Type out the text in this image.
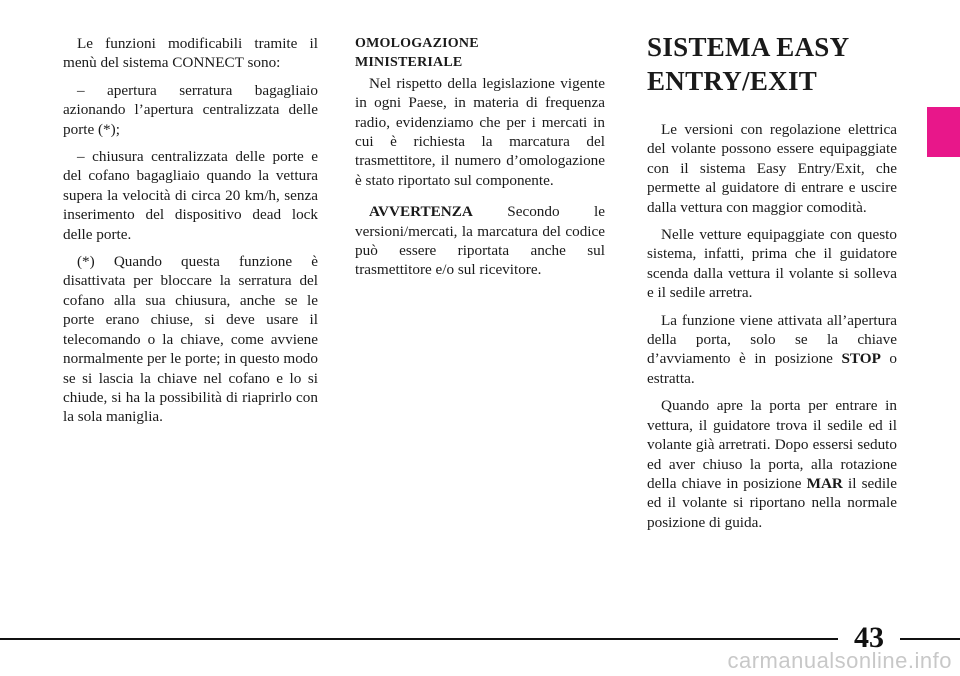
Le funzioni modificabili tramite il menù del sistema CONNECT sono:

– apertura serratura bagagliaio azionando l’apertura centralizzata delle porte (*);

– chiusura centralizzata delle porte e del cofano bagagliaio quando la vettura supera la velocità di circa 20 km/h, senza inserimento del dispositivo dead lock delle porte.

(*) Quando questa funzione è disattivata per bloccare la serratura del cofano alla sua chiusura, anche se le porte erano chiuse, si deve usare il telecomando o la chiave, come avviene normalmente per le porte; in questo modo se si lascia la chiave nel cofano e lo si chiude, si ha la possibilità di riaprirlo con la sola maniglia.

OMOLOGAZIONE
MINISTERIALE

Nel rispetto della legislazione vigente in ogni Paese, in materia di frequenza radio, evidenziamo che per i mercati in cui è richiesta la marcatura del trasmettitore, il numero d’omologazione è stato riportato sul componente.

AVVERTENZA Secondo le versioni/mercati, la marcatura del codice può essere riportata anche sul trasmettitore e/o sul ricevitore.

SISTEMA EASY
ENTRY/EXIT

Le versioni con regolazione elettrica del volante possono essere equipaggiate con il sistema Easy Entry/Exit, che permette al guidatore di entrare e uscire dalla vettura con maggior comodità.

Nelle vetture equipaggiate con questo sistema, infatti, prima che il guidatore scenda dalla vettura il volante si solleva e il sedile arretra.

La funzione viene attivata all’apertura della porta, solo se la chiave d’avviamento è in posizione STOP o estratta.

Quando apre la porta per entrare in vettura, il guidatore trova il sedile ed il volante già arretrati. Dopo essersi seduto ed aver chiuso la porta, alla rotazione della chiave in posizione MAR il sedile ed il volante si riportano nella normale posizione di guida.

43
carmanualsonline.info
